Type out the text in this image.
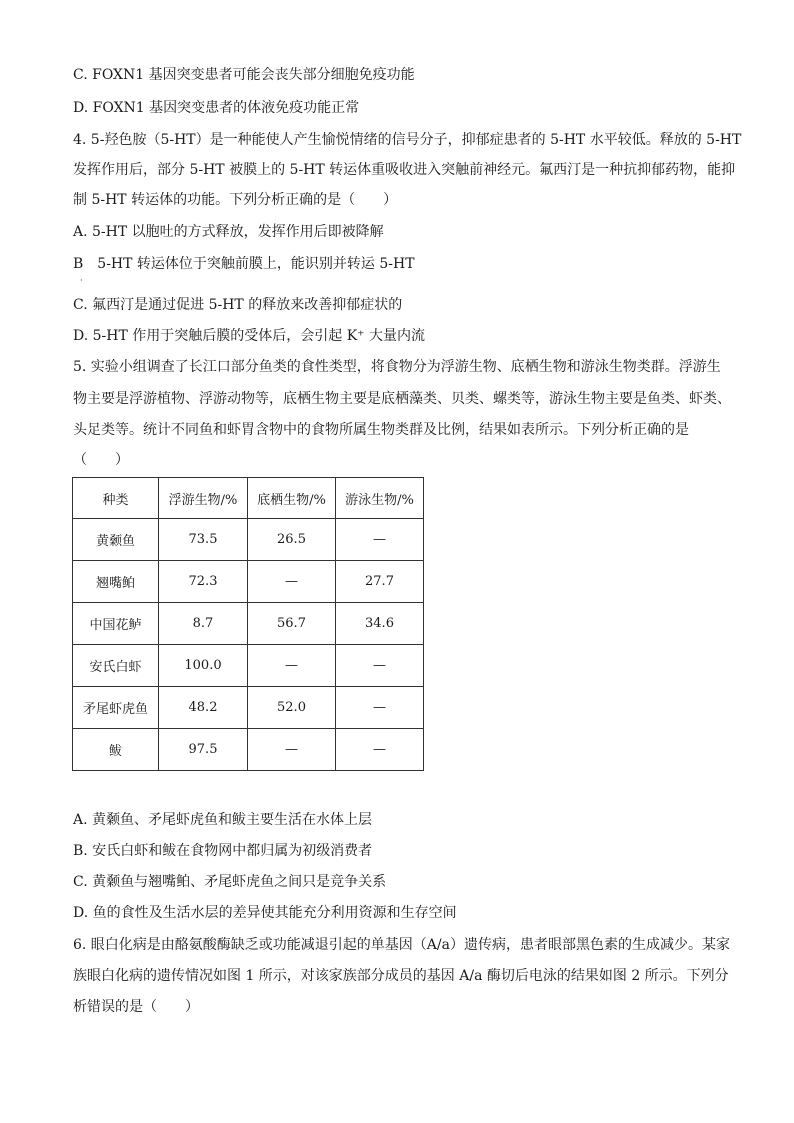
C. FOXN1 基因突变患者可能会丧失部分细胞免疫功能
D. FOXN1 基因突变患者的体液免疫功能正常
4. 5-羟色胺（5-HT）是一种能使人产生愉悦情绪的信号分子，抑郁症患者的 5-HT 水平较低。释放的 5-HT
发挥作用后，部分 5-HT 被膜上的 5-HT 转运体重吸收进入突触前神经元。氟西汀是一种抗抑郁药物，能抑
制 5-HT 转运体的功能。下列分析正确的是（　　）
A. 5-HT 以胞吐的方式释放，发挥作用后即被降解
B　5-HT 转运体位于突触前膜上，能识别并转运 5-HT
·
C. 氟西汀是通过促进 5-HT 的释放来改善抑郁症状的
D. 5-HT 作用于突触后膜的受体后，会引起 K⁺ 大量内流
5. 实验小组调查了长江口部分鱼类的食性类型，将食物分为浮游生物、底栖生物和游泳生物类群。浮游生
物主要是浮游植物、浮游动物等，底栖生物主要是底栖藻类、贝类、螺类等，游泳生物主要是鱼类、虾类、
头足类等。统计不同鱼和虾胃含物中的食物所属生物类群及比例，结果如表所示。下列分析正确的是
（　　）
种类	浮游生物/%	底栖生物/%	游泳生物/%
黄颡鱼	73.5	26.5	—
翘嘴鲌	72.3	—	27.7
中国花鲈	8.7	56.7	34.6
安氏白虾	100.0	—	—
矛尾虾虎鱼	48.2	52.0	—
鲅	97.5	—	—
A. 黄颡鱼、矛尾虾虎鱼和鲅主要生活在水体上层
B. 安氏白虾和鲅在食物网中都归属为初级消费者
C. 黄颡鱼与翘嘴鲌、矛尾虾虎鱼之间只是竞争关系
D. 鱼的食性及生活水层的差异使其能充分利用资源和生存空间
6. 眼白化病是由酪氨酸酶缺乏或功能减退引起的单基因（A/a）遗传病，患者眼部黑色素的生成减少。某家
族眼白化病的遗传情况如图 1 所示，对该家族部分成员的基因 A/a 酶切后电泳的结果如图 2 所示。下列分
析错误的是（　　）
